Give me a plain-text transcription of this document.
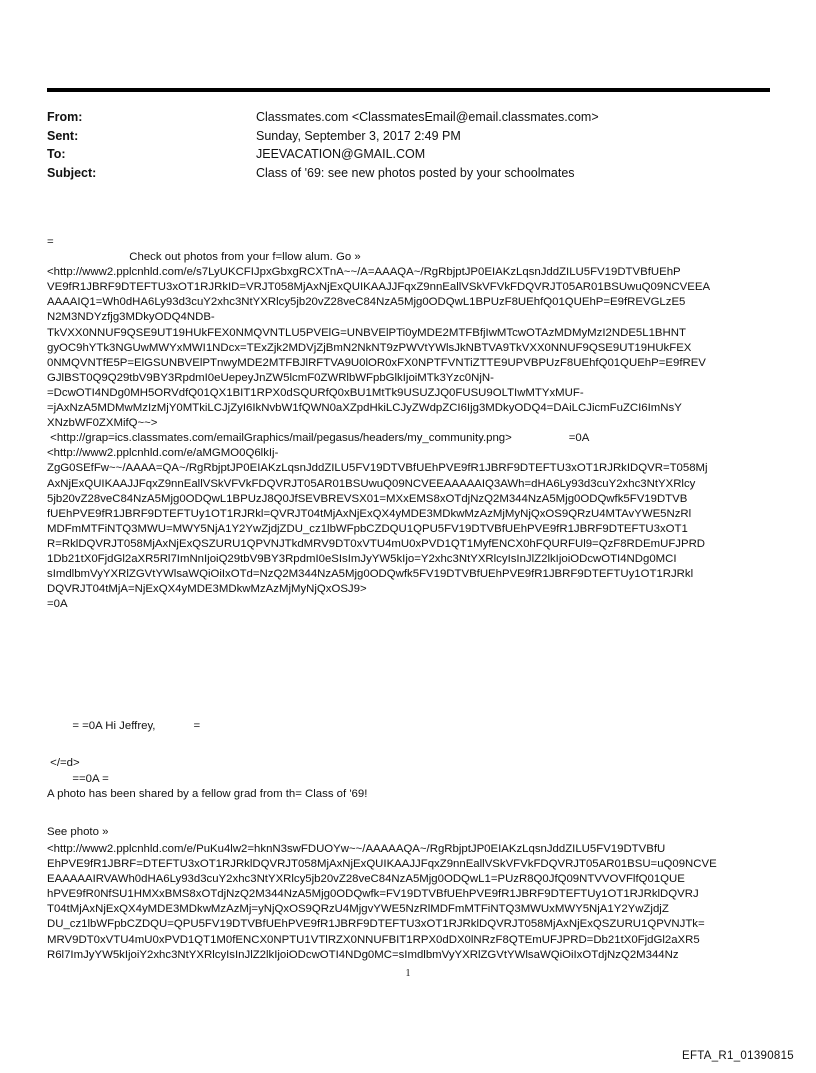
From:	Classmates.com <ClassmatesEmail@email.classmates.com>
Sent:	Sunday, September 3, 2017 2:49 PM
To:	JEEVACATION@GMAIL.COM
Subject:	Class of '69: see new photos posted by your schoolmates
=
Check out photos from your f=llow alum. Go »
<http://www2.pplcnhld.com/e/s7LyUKCFIJpxGbxgRCXTnA~~/A=AAAQA~/RgRbjptJP0EIAKzLqsnJddZILU5FV19DTVBfUEhP
VE9fR1JBRF9DTEFTU3xOT1RJRkID=VRJT058MjAxNjExQUIKAAJJFqxZ9nnEallVSkVFVkFDQVRJT05AR01BSUwuQ09NCVEEA
AAAAIQ1=Wh0dHA6Ly93d3cuY2xhc3NtYXRlcy5jb20vZ28veC84NzA5Mjg0ODQwL1BPUzF8UEhfQ01QUEhP=E9fREVGLzE5
N2M3NDYzfjg3MDkyODQ4NDB-
TkVXX0NNUF9QSE9UT19HUkFEX0NMQVNTLU5PVElG=UNBVElPTi0yMDE2MTFBfjIwMTcwOTAzMDMyMzI2NDE5L1BHNT
gyOC9hYTk3NGUwMWYxMWI1NDcx=TExZjk2MDVjZjBmN2NkNT9zPWVtYWlsJkNBTVA9TkVXX0NNUF9QSE9UT19HUkFEX
0NMQVNTfE5P=ElGSUNBVElPTnwyMDE2MTFBJlRFTVA9U0lOR0xFX0NPTFVNTiZTTE9UPVBPUzF8UEhfQ01QUEhP=E9fREV
GJlBST0Q9Q29tbV9BY3RpdmI0eUepeyJnZW5lcmF0ZWRlbWFpbGlkIjoiMTk3Yzc0NjN-
=DcwOTI4NDg0MH5ORVdfQ01QX1BIT1RPX0dSQURfQ0xBU1MtTk9USUZJQ0FUSU9OLTIwMTYxMUF-
=jAxNzA5MDMwMzIzMjY0MTkiLCJjZyI6IkNvbW1fQWN0aXZpdHkiLCJyZWdpZCI6Ijg3MDkyODQ4=DAiLCJicmFuZCI6ImNsY
XNzbWF0ZXMifQ~~>
<http://grap=ics.classmates.com/emailGraphics/mail/pegasus/headers/my_community.png>                  =0A
<http://www2.pplcnhld.com/e/aMGMO0Q6lkIj-
ZgG0SEfFw~~/AAAA=QA~/RgRbjptJP0EIAKzLqsnJddZILU5FV19DTVBfUEhPVE9fR1JBRF9DTEFTU3xOT1RJRkIDQVR=T058Mj
AxNjExQUIKAAJJFqxZ9nnEallVSkVFVkFDQVRJT05AR01BSUwuQ09NCVEEAAAAAIQ3AWh=dHA6Ly93d3cuY2xhc3NtYXRlcy
5jb20vZ28veC84NzA5Mjg0ODQwL1BPUzJ8Q0JfSEVBREVSX01=MXxEMS8xOTdjNzQ2M344NzA5Mjg0ODQwfk5FV19DTVB
fUEhPVE9fR1JBRF9DTEFTUy1OT1RJRkl=QVRJT04tMjAxNjExQX4yMDE3MDkwMzAzMjMyNjQxOS9QRzU4MTAvYWE5NzRl
MDFmMTFiNTQ3MWU=MWY5NjA1Y2YwZjdjZDU_cz1lbWFpbCZDQU1QPU5FV19DTVBfUEhPVE9fR1JBRF9DTEFTU3xOT1
R=RklDQVRJT058MjAxNjExQSZURU1QPVNJTkdMRV9DT0xVTU4mU0xPVD1QT1MyfENCX0hFQURFUl9=QzF8RDEmUFJPRD
1Db21tX0FjdGl2aXR5Rl7ImNnIjoiQ29tbV9BY3RpdmI0eSIsImJyYW5kIjo=Y2xhc3NtYXRlcyIsInJlZ2lkIjoiODcwOTI4NDg0MCI
sImdlbmVyYXRlZGVtYWlsaWQiOiIxOTd=NzQ2M344NzA5Mjg0ODQwfk5FV19DTVBfUEhPVE9fR1JBRF9DTEFTUy1OT1RJRkl
DQVRJT04tMjA=NjExQX4yMDE3MDkwMzAzMjMyNjQxOSJ9>
=0A
= =0A Hi Jeffrey,            =
</=d>
==0A =
A photo has been shared by a fellow grad from th= Class of '69!
See photo »
<http://www2.pplcnhld.com/e/PuKu4lw2=hknN3swFDUOYw~~/AAAAAQA~/RgRbjptJP0EIAKzLqsnJddZILU5FV19DTVBfU
EhPVE9fR1JBRF=DTEFTU3xOT1RJRklDQVRJT058MjAxNjExQUIKAAJJFqxZ9nnEallVSkVFVkFDQVRJT05AR01BSU=uQ09NCVE
EAAAAAIRVAWh0dHA6Ly93d3cuY2xhc3NtYXRlcy5jb20vZ28veC84NzA5Mjg0ODQwL1=PUzR8Q0JfQ09NTVVOVFlfQ01QUE
hPVE9fR0NfSU1HMXxBMS8xOTdjNzQ2M344NzA5Mjg0ODQwfk=FV19DTVBfUEhPVE9fR1JBRF9DTEFTUy1OT1RJRklDQVRJ
T04tMjAxNjExQX4yMDE3MDkwMzAzMj=yNjQxOS9QRzU4MjgvYWE5NzRlMDFmMTFiNTQ3MWUxMWY5NjA1Y2YwZjdjZ
DU_cz1lbWFpbCZDQU=QPU5FV19DTVBfUEhPVE9fR1JBRF9DTEFTU3xOT1RJRklDQVRJT058MjAxNjExQSZURU1QPVNJTk=
MRV9DT0xVTU4mU0xPVD1QT1M0fENCX0NPTU1VTlRZX0NNUFBIT1RPX0dDX0lNRzF8QTEmUFJPRD=Db21tX0FjdGl2aXR5
R6l7ImJyYW5kIjoiY2xhc3NtYXRlcyIsInJlZ2lkIjoiODcwOTI4NDg0MC=sImdlbmVyYXRlZGVtYWlsaWQiOiIxOTdjNzQ2M344Nz
1
EFTA_R1_01390815
